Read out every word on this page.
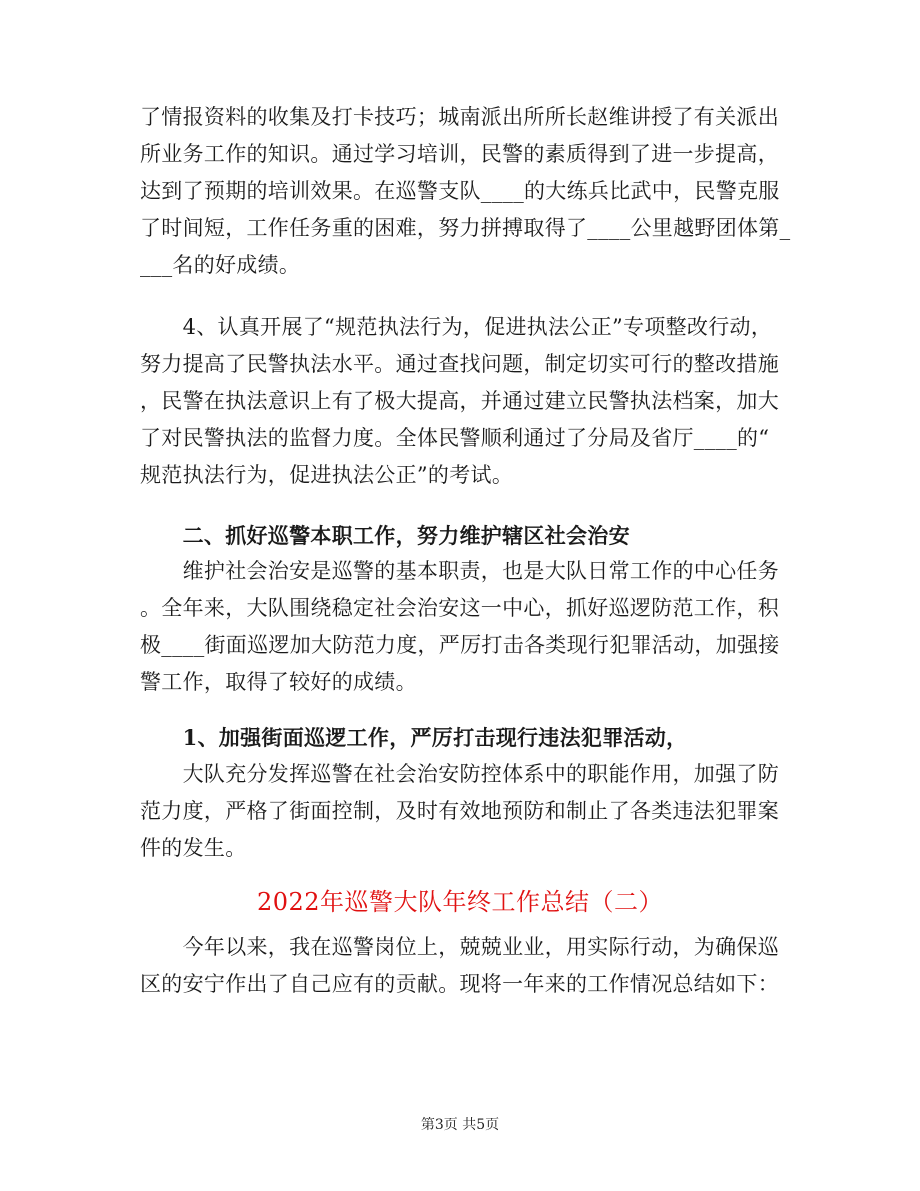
了情报资料的收集及打卡技巧；城南派出所所长赵维讲授了有关派出
所业务工作的知识。通过学习培训，民警的素质得到了进一步提高，
达到了预期的培训效果。在巡警支队____的大练兵比武中，民警克服
了时间短，工作任务重的困难，努力拼搏取得了____公里越野团体第_
___名的好成绩。
　　4、认真开展了“规范执法行为，促进执法公正”专项整改行动，
努力提高了民警执法水平。通过查找问题，制定切实可行的整改措施
，民警在执法意识上有了极大提高，并通过建立民警执法档案，加大
了对民警执法的监督力度。全体民警顺利通过了分局及省厅____的“
规范执法行为，促进执法公正”的考试。
　　二、抓好巡警本职工作，努力维护辖区社会治安
　　维护社会治安是巡警的基本职责，也是大队日常工作的中心任务
。全年来，大队围绕稳定社会治安这一中心，抓好巡逻防范工作，积
极____街面巡逻加大防范力度，严厉打击各类现行犯罪活动，加强接
警工作，取得了较好的成绩。
　　1、加强街面巡逻工作，严厉打击现行违法犯罪活动，
　　大队充分发挥巡警在社会治安防控体系中的职能作用，加强了防
范力度，严格了街面控制，及时有效地预防和制止了各类违法犯罪案
件的发生。
2022年巡警大队年终工作总结（二）
　　今年以来，我在巡警岗位上，兢兢业业，用实际行动，为确保巡
区的安宁作出了自己应有的贡献。现将一年来的工作情况总结如下：
第3页 共5页
